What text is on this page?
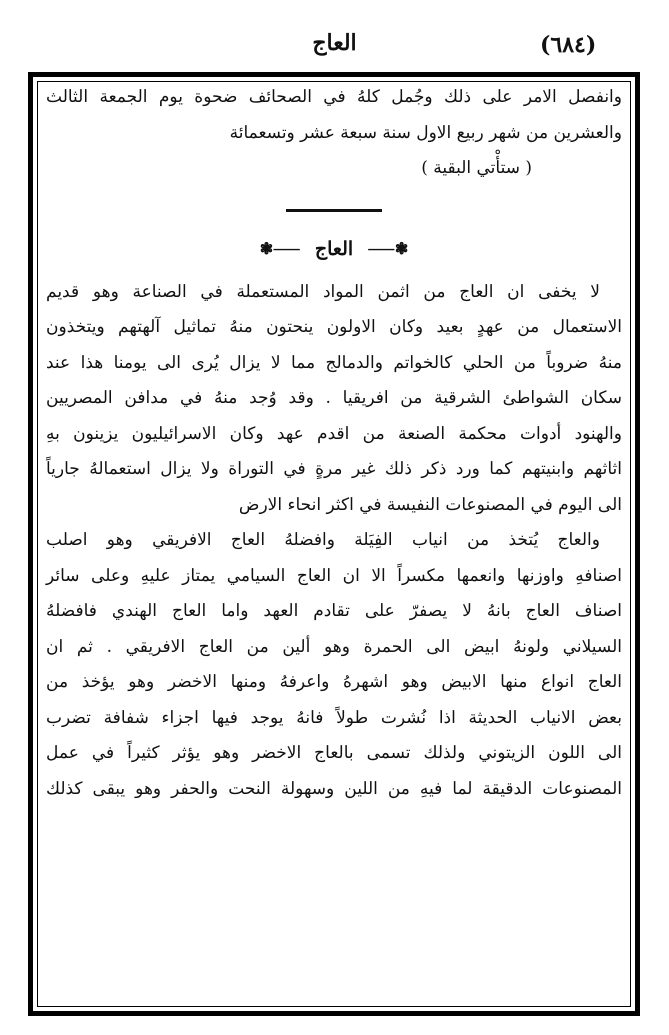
العاج	(٦٨٤)
وانفصل الامر على ذلك وجُمل كلهُ في الصحائف ضحوة يوم الجمعة الثالث
والعشرين من شهر ربيع الاول سنة سبعة عشر وتسعمائة
( ستأْتي البقية )
❃⸺ العاج ⸺❃
لا يخفى ان العاج من اثمن المواد المستعملة في الصناعة وهو قديم
الاستعمال من عهدٍ بعيد وكان الاولون ينحتون منهُ تماثيل آلهتهم ويتخذون
منهُ ضروباً من الحلي كالخواتم والدمالج مما لا يزال يُرى الى يومنا هذا عند
سكان الشواطئ الشرقية من افريقيا . وقد وُجد منهُ في مدافن المصريين
والهنود أدوات محكمة الصنعة من اقدم عهد وكان الاسرائيليون يزينون بهِ
اثاثهم وابنيتهم كما ورد ذكر ذلك غير مرةٍ في التوراة ولا يزال استعمالهُ جارياً
الى اليوم في المصنوعات النفيسة في اكثر انحاء الارض
والعاج يُتخذ من انياب الفِيَلة وافضلهُ العاج الافريقي وهو اصلب
اصنافهِ واوزنها وانعمها مكسراً الا ان العاج السيامي يمتاز عليهِ وعلى سائر
اصناف العاج بانهُ لا يصفرّ على تقادم العهد واما العاج الهندي فافضلهُ
السيلاني ولونهُ ابيض الى الحمرة وهو ألين من العاج الافريقي . ثم ان
العاج انواع منها الابيض وهو اشهرهُ واعرفهُ ومنها الاخضر وهو يؤخذ من
بعض الانياب الحديثة اذا نُشرت طولاً فانهُ يوجد فيها اجزاء شفافة تضرب
الى اللون الزيتوني ولذلك تسمى بالعاج الاخضر وهو يؤثر كثيراً في عمل
المصنوعات الدقيقة لما فيهِ من اللين وسهولة النحت والحفر وهو يبقى كذلك
